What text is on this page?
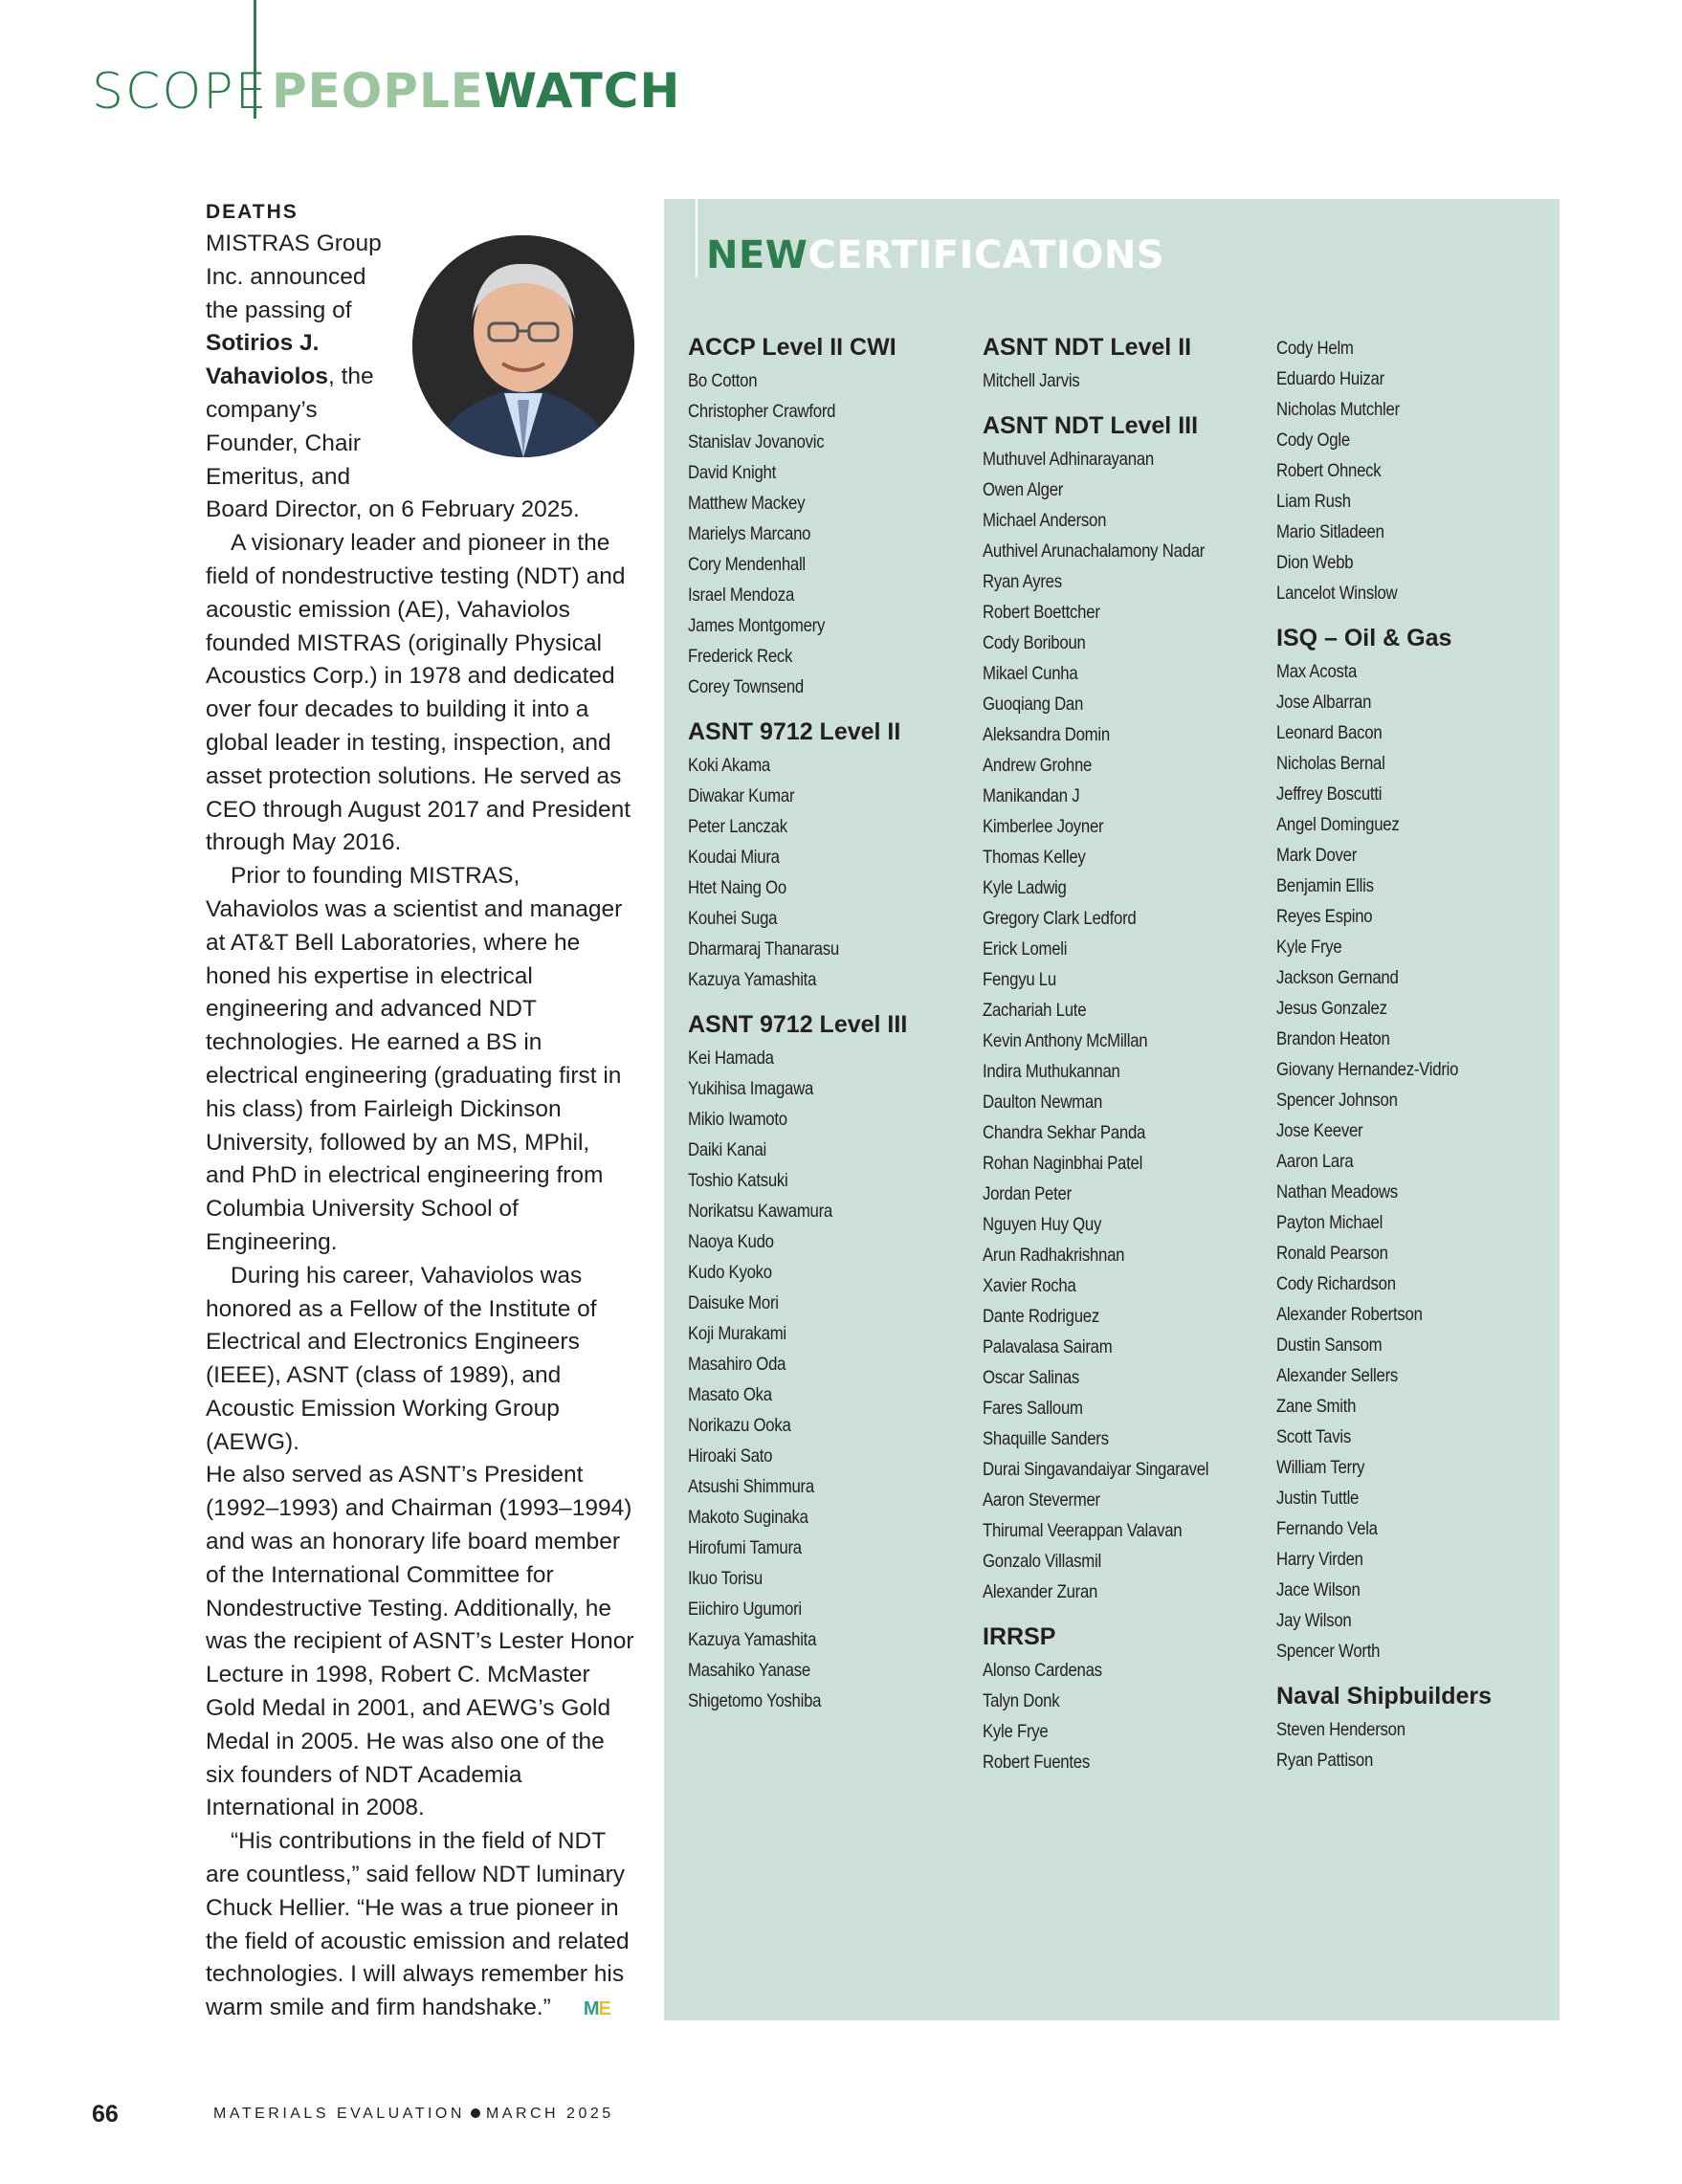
SCOPE PEOPLEWATCH
DEATHS

MISTRAS Group Inc. announced the passing of Sotirios J. Vahaviolos, the company’s Founder, Chair Emeritus, and Board Director, on 6 February 2025.

A visionary leader and pioneer in the field of nondestructive testing (NDT) and acoustic emission (AE), Vahaviolos founded MISTRAS (originally Physical Acoustics Corp.) in 1978 and dedicated over four decades to building it into a global leader in testing, inspection, and asset protection solutions. He served as CEO through August 2017 and President through May 2016.

Prior to founding MISTRAS, Vahaviolos was a scientist and manager at AT&T Bell Laboratories, where he honed his expertise in electrical engineering and advanced NDT technologies. He earned a BS in electrical engineering (graduating first in his class) from Fairleigh Dickinson University, followed by an MS, MPhil, and PhD in electrical engineering from Columbia University School of Engineering.

During his career, Vahaviolos was honored as a Fellow of the Institute of Electrical and Electronics Engineers (IEEE), ASNT (class of 1989), and Acoustic Emission Working Group (AEWG).

He also served as ASNT’s President (1992–1993) and Chairman (1993–1994) and was an honorary life board member of the International Committee for Nondestructive Testing. Additionally, he was the recipient of ASNT’s Lester Honor Lecture in 1998, Robert C. McMaster Gold Medal in 2001, and AEWG’s Gold Medal in 2005. He was also one of the six founders of NDT Academia International in 2008.

“His contributions in the field of NDT are countless,” said fellow NDT luminary Chuck Hellier. “He was a true pioneer in the field of acoustic emission and related technologies. I will always remember his warm smile and firm handshake.” ME

NEWCERTIFICATIONS
ACCP Level II CWI
Bo Cotton
Christopher Crawford
Stanislav Jovanovic
David Knight
Matthew Mackey
Marielys Marcano
Cory Mendenhall
Israel Mendoza
James Montgomery
Frederick Reck
Corey Townsend
ASNT 9712 Level II
Koki Akama
Diwakar Kumar
Peter Lanczak
Koudai Miura
Htet Naing Oo
Kouhei Suga
Dharmaraj Thanarasu
Kazuya Yamashita
ASNT 9712 Level III
Kei Hamada
Yukihisa Imagawa
Mikio Iwamoto
Daiki Kanai
Toshio Katsuki
Norikatsu Kawamura
Naoya Kudo
Kudo Kyoko
Daisuke Mori
Koji Murakami
Masahiro Oda
Masato Oka
Norikazu Ooka
Hiroaki Sato
Atsushi Shimmura
Makoto Suginaka
Hirofumi Tamura
Ikuo Torisu
Eiichiro Ugumori
Kazuya Yamashita
Masahiko Yanase
Shigetomo Yoshiba
ASNT NDT Level II
Mitchell Jarvis
ASNT NDT Level III
Muthuvel Adhinarayanan
Owen Alger
Michael Anderson
Authivel Arunachalamony Nadar
Ryan Ayres
Robert Boettcher
Cody Boriboun
Mikael Cunha
Guoqiang Dan
Aleksandra Domin
Andrew Grohne
Manikandan J
Kimberlee Joyner
Thomas Kelley
Kyle Ladwig
Gregory Clark Ledford
Erick Lomeli
Fengyu Lu
Zachariah Lute
Kevin Anthony McMillan
Indira Muthukannan
Daulton Newman
Chandra Sekhar Panda
Rohan Naginbhai Patel
Jordan Peter
Nguyen Huy Quy
Arun Radhakrishnan
Xavier Rocha
Dante Rodriguez
Palavalasa Sairam
Oscar Salinas
Fares Salloum
Shaquille Sanders
Durai Singavandaiyar Singaravel
Aaron Stevermer
Thirumal Veerappan Valavan
Gonzalo Villasmil
Alexander Zuran
IRRSP
Alonso Cardenas
Talyn Donk
Kyle Frye
Robert Fuentes
Cody Helm
Eduardo Huizar
Nicholas Mutchler
Cody Ogle
Robert Ohneck
Liam Rush
Mario Sitladeen
Dion Webb
Lancelot Winslow
ISQ – Oil & Gas
Max Acosta
Jose Albarran
Leonard Bacon
Nicholas Bernal
Jeffrey Boscutti
Angel Dominguez
Mark Dover
Benjamin Ellis
Reyes Espino
Kyle Frye
Jackson Gernand
Jesus Gonzalez
Brandon Heaton
Giovany Hernandez-Vidrio
Spencer Johnson
Jose Keever
Aaron Lara
Nathan Meadows
Payton Michael
Ronald Pearson
Cody Richardson
Alexander Robertson
Dustin Sansom
Alexander Sellers
Zane Smith
Scott Tavis
William Terry
Justin Tuttle
Fernando Vela
Harry Virden
Jace Wilson
Jay Wilson
Spencer Worth
Naval Shipbuilders
Steven Henderson
Ryan Pattison
66	MATERIALS EVALUATION MARCH 2025
